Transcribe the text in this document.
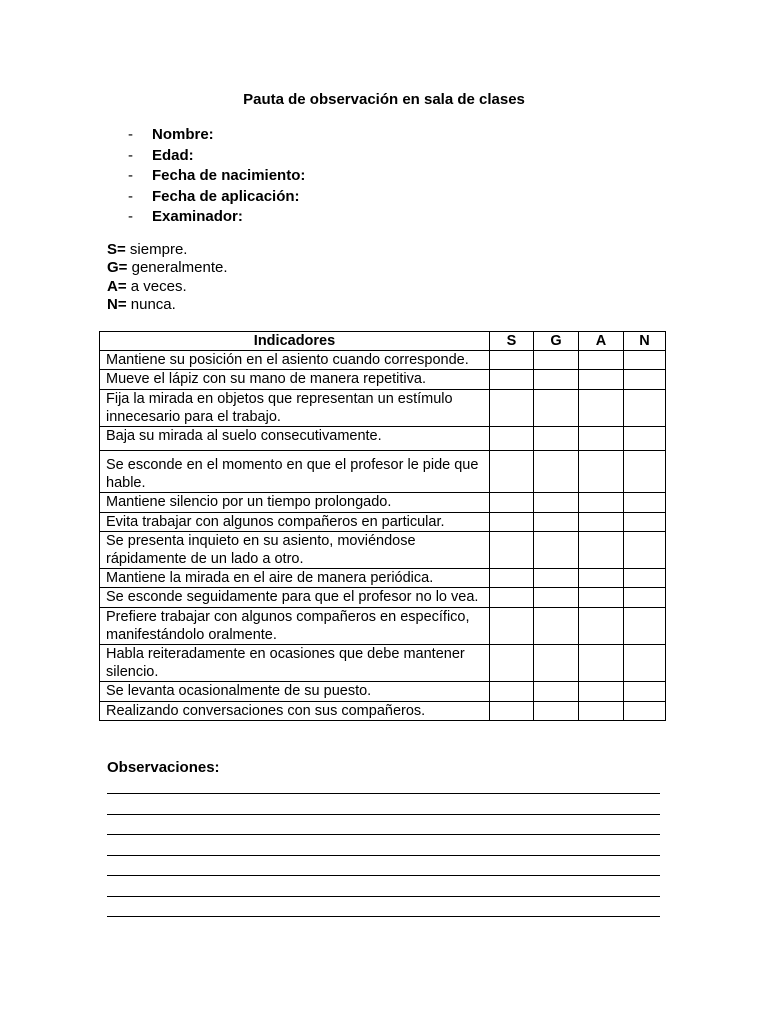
Pauta de observación en sala de clases
- Nombre:
- Edad:
- Fecha de nacimiento:
- Fecha de aplicación:
- Examinador:
S= siempre.
G= generalmente.
A= a veces.
N= nunca.
Indicadores	S	G	A	N
Mantiene su posición en el asiento cuando corresponde.				
Mueve el lápiz con su mano de manera repetitiva.				
Fija la mirada en objetos que representan un estímulo innecesario para el trabajo.				
Baja su mirada al suelo consecutivamente.				
Se esconde en el momento en que el profesor le pide que hable.				
Mantiene silencio por un tiempo prolongado.				
Evita trabajar con algunos compañeros en particular.				
Se presenta inquieto en su asiento, moviéndose rápidamente de un lado a otro.				
Mantiene la mirada en el aire de manera periódica.				
Se esconde seguidamente para que el profesor no lo vea.				
Prefiere trabajar con algunos compañeros en específico, manifestándolo oralmente.				
Habla reiteradamente en ocasiones que debe mantener silencio.				
Se levanta ocasionalmente de su puesto.				
Realizando conversaciones con sus compañeros.				
Observaciones:
